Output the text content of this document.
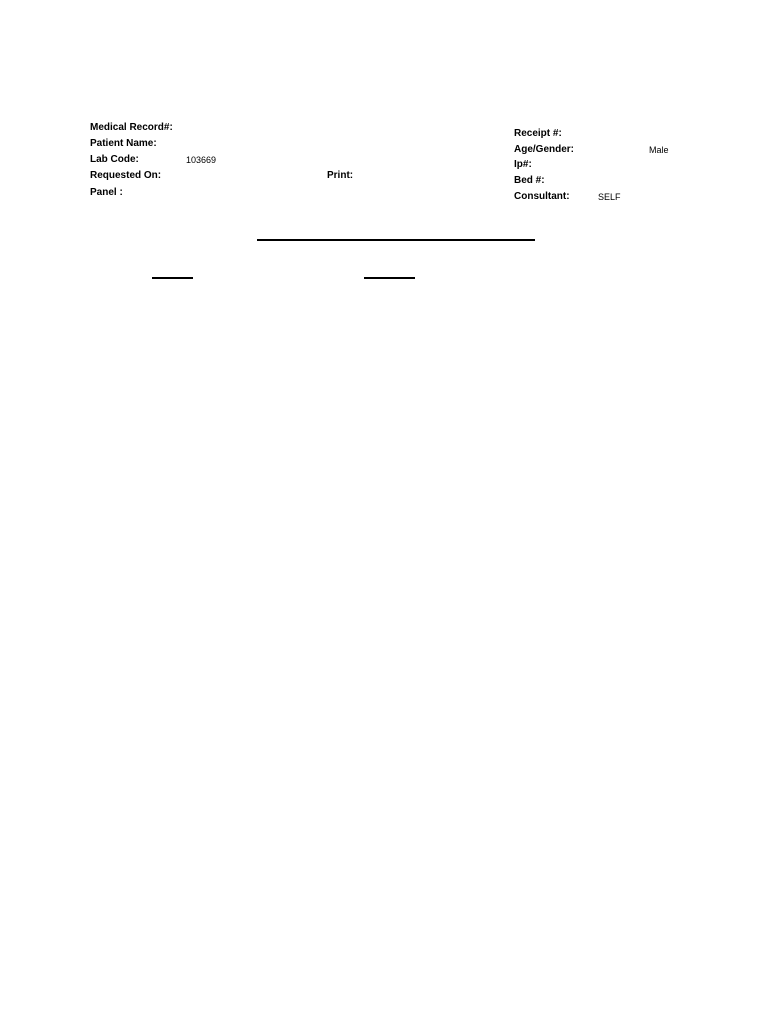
Medical Record#:
Patient Name:
Lab Code:	103669
Requested On:
Panel :
Print:
Receipt #:
Age/Gender:	Male
Ip#:
Bed #:
Consultant:	SELF
